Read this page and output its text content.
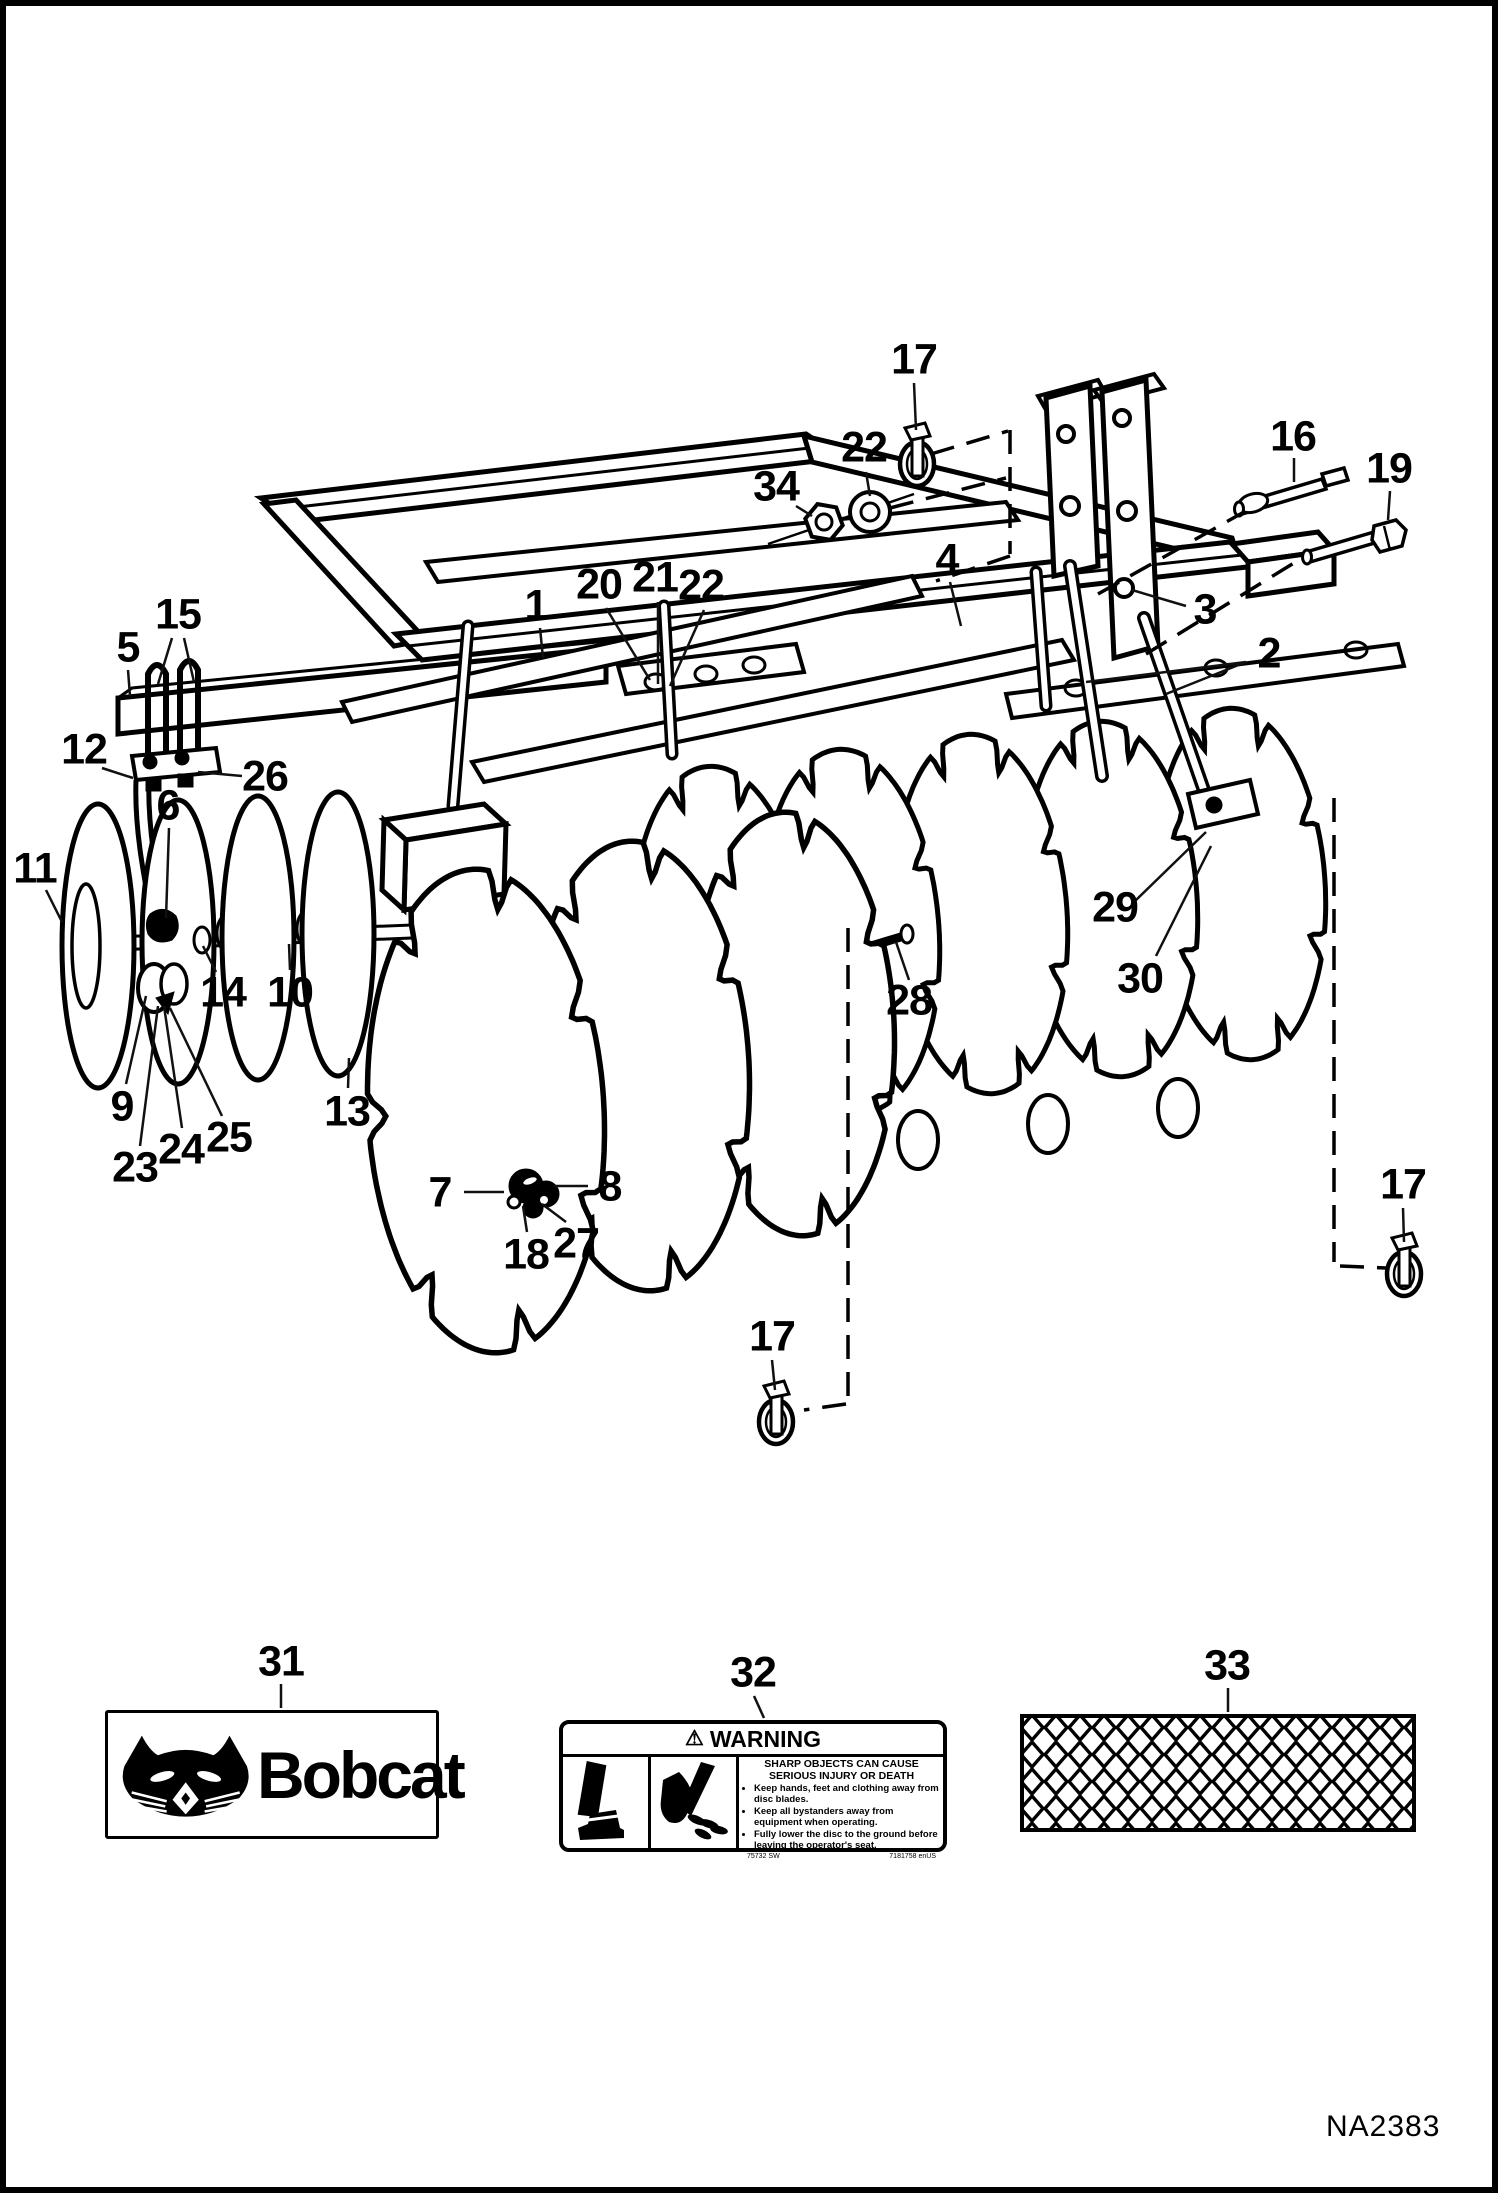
1
2
3
4
5
6
7	8
9
10
11
12
13
14
15
16
17
17
17
18
19
20 21
22
22
23 24 25
26
27
28
29
30
31	32	33
34
Bobcat	⚠ WARNING
SHARP OBJECTS CAN CAUSE
SERIOUS INJURY OR DEATH
• Keep hands, feet and clothing away from disc blades.
• Keep all bystanders away from equipment when operating.
• Fully lower the disc to the ground before leaving the operator's seat.
75732 SW	7181758 enUS
NA2383
